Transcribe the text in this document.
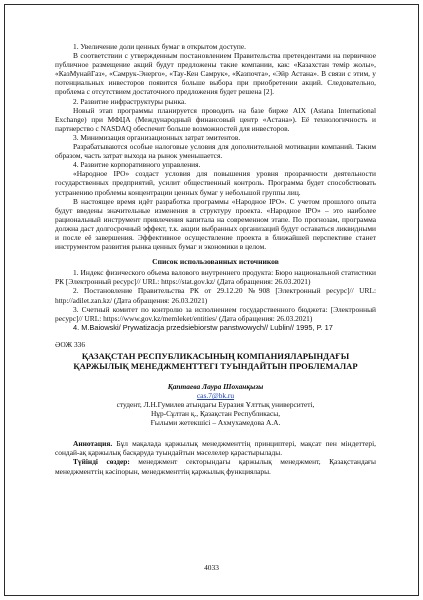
1. Увеличение доли ценных бумаг в открытом доступе.

В соответствии с утвержденным постановлением Правительства претендентами на первичное публичное размещение акций будут предложены такие компании, как: «Казахстан темір жолы», «КазМунайГаз», «Самрук-Энерго», «Тау-Кен Самрук», «Казпочта», «Эйр Астана». В связи с этим, у потенциальных инвесторов появится больше выбора при приобретении акций. Следовательно, проблема с отсутствием достаточного предложения будет решена [2].

2. Развитие инфраструктуры рынка.

Новый этап программы планируется проводить на базе бирже AIX (Astana International Exchange) при МФЦА (Международный финансовый центр «Астана»). Её технологичность и партнерство с NASDAQ обеспечит больше возможностей для инвесторов.

3. Минимизация организационных затрат эмитентов.

Разрабатываются особые налоговые условия для дополнительной мотивации компаний. Таким образом, часть затрат выхода на рынок уменьшается.

4. Развитие корпоративного управления.

«Народное IPO» создаст условия для повышения уровня прозрачности деятельности государственных предприятий, усилит общественный контроль. Программа будет способствовать устранению проблемы концентрации ценных бумаг у небольшой группы лиц.

В настоящее время идёт разработка программы «Народное IPO». С учетом прошлого опыта будут введены значительные изменения в структуру проекта. «Народное IPO» – это наиболее рациональный инструмент привлечения капитала на современном этапе. По прогнозам, программа должна даст долгосрочный эффект, т.к. акции выбранных организаций будут оставаться ликвидными и после её завершения. Эффективное осуществление проекта в ближайшей перспективе станет инструментом развития рынка ценных бумаг и экономики в целом.

Список использованных источников

1. Индекс физического объема валового внутреннего продукта: Бюро национальной статистики РК [Электронный ресурс]// URL: https://stat.gov.kz/ (Дата обращения: 26.03.2021)

2. Постановление Правительства РК от 29.12.20 №908 [Электронный ресурс]// URL: http://adilet.zan.kz/ (Дата обращения: 26.03.2021)

3. Счетный комитет по контролю за исполнением государственного бюджета: [Электронный ресурс]// URL: https://www.gov.kz/memleket/entities/ (Дата обращения: 26.03.2021)

4. M.Baiowski/ Prywatizacja przedsiebiorstw panstwowych// Lublin// 1995, P. 17

ӘОЖ 336

ҚАЗАҚСТАН РЕСПУБЛИКАСЫНЫҢ КОМПАНИЯЛАРЫНДАҒЫ ҚАРЖЫЛЫҚ МЕНЕДЖМЕНТТЕГІ ТУЫНДАЙТЫН ПРОБЛЕМАЛАР

Қаптаева Лаура Шоханқызы

cas.7@bk.ru

студент, Л.Н.Гумилев атындағы Еуразия Ұлттық университеті,

Нұр-Сұлтан қ., Қазақстан Республикасы,

Ғылыми жетекшісі – Ахмухамедова А.А.

Аннотация. Бұл мақалада қаржылық менеджменттің принциптері, мақсат пен міндеттері, сондай-ақ қаржылық басқаруда туындайтын мәселелер қарастырылады.

Түйінді сөздер: менеджмент секторындағы қаржылық менеджмент, Қазақстандағы менеджменттің кәсіпорын, менеджменттің қаржылық функциялары.

4033
